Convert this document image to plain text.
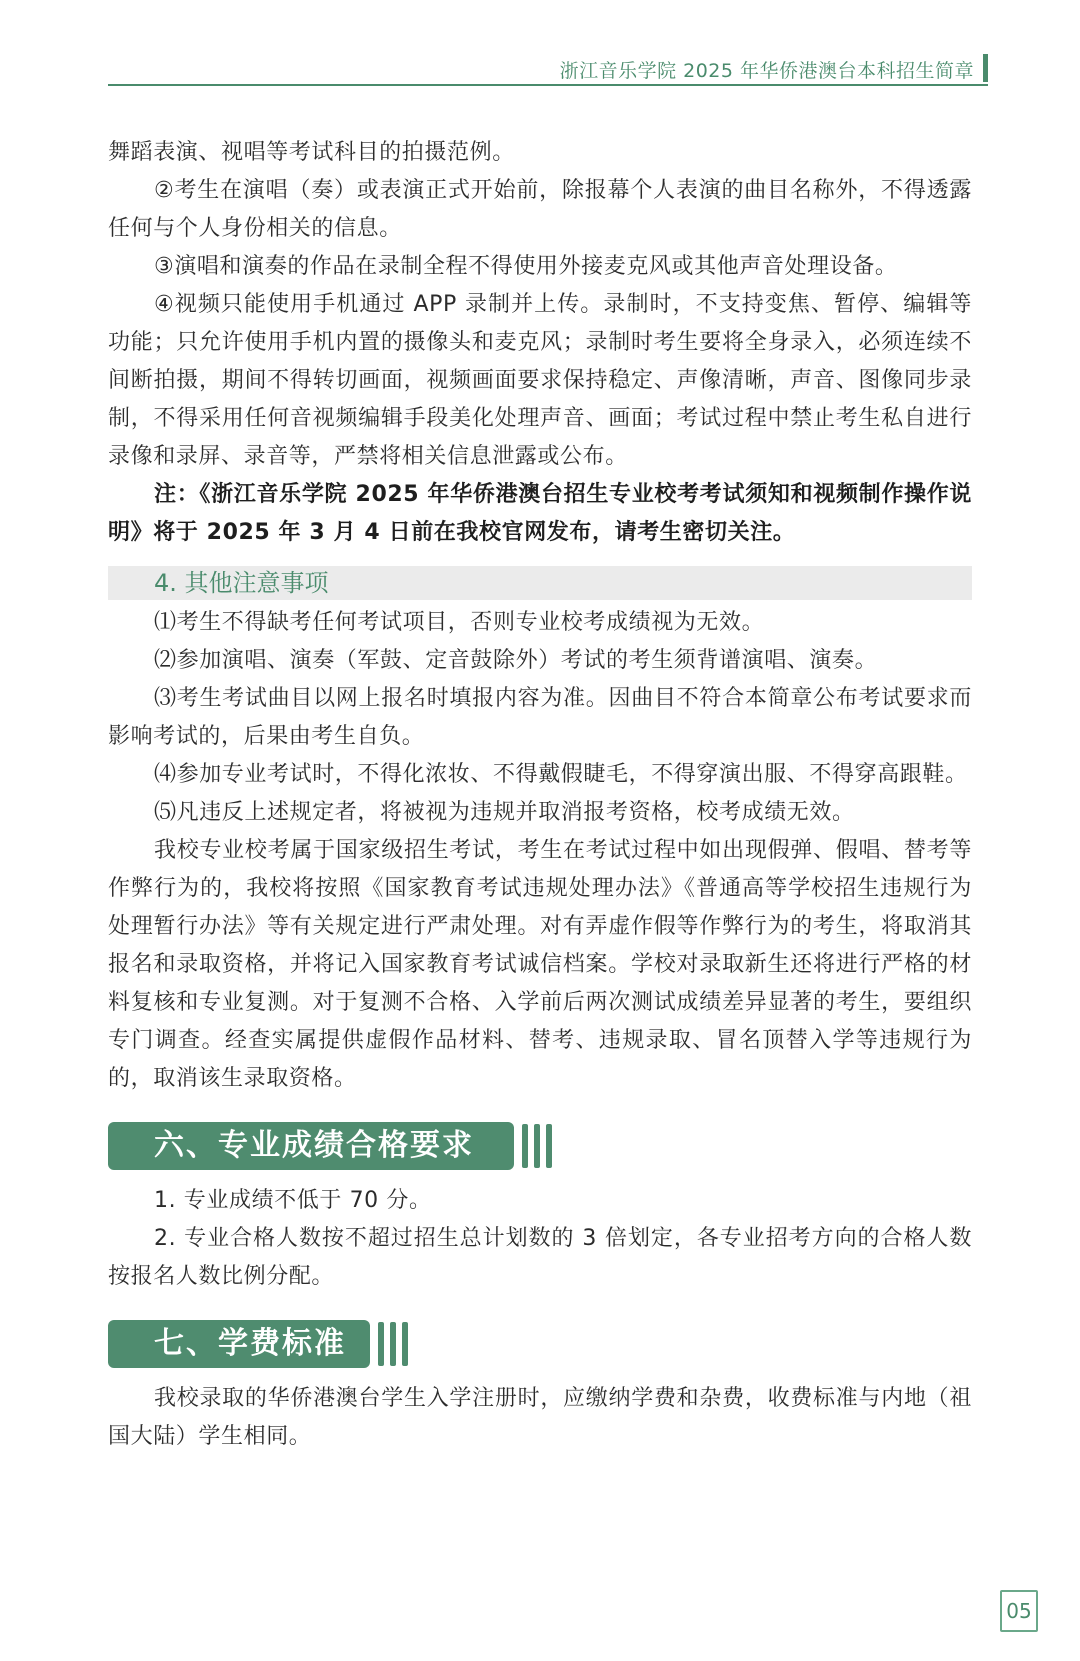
浙江音乐学院 2025 年华侨港澳台本科招生简章

舞蹈表演、视唱等考试科目的拍摄范例。

②考生在演唱（奏）或表演正式开始前，除报幕个人表演的曲目名称外，不得透露任何与个人身份相关的信息。

③演唱和演奏的作品在录制全程不得使用外接麦克风或其他声音处理设备。

④视频只能使用手机通过 APP 录制并上传。录制时，不支持变焦、暂停、编辑等功能；只允许使用手机内置的摄像头和麦克风；录制时考生要将全身录入，必须连续不间断拍摄，期间不得转切画面，视频画面要求保持稳定、声像清晰，声音、图像同步录制，不得采用任何音视频编辑手段美化处理声音、画面；考试过程中禁止考生私自进行录像和录屏、录音等，严禁将相关信息泄露或公布。

注：《浙江音乐学院 2025 年华侨港澳台招生专业校考考试须知和视频制作操作说明》将于 2025 年 3 月 4 日前在我校官网发布，请考生密切关注。

4. 其他注意事项

⑴考生不得缺考任何考试项目，否则专业校考成绩视为无效。

⑵参加演唱、演奏（军鼓、定音鼓除外）考试的考生须背谱演唱、演奏。

⑶考生考试曲目以网上报名时填报内容为准。因曲目不符合本简章公布考试要求而影响考试的，后果由考生自负。

⑷参加专业考试时，不得化浓妆、不得戴假睫毛，不得穿演出服、不得穿高跟鞋。

⑸凡违反上述规定者，将被视为违规并取消报考资格，校考成绩无效。

我校专业校考属于国家级招生考试，考生在考试过程中如出现假弹、假唱、替考等作弊行为的，我校将按照《国家教育考试违规处理办法》《普通高等学校招生违规行为处理暂行办法》等有关规定进行严肃处理。对有弄虚作假等作弊行为的考生，将取消其报名和录取资格，并将记入国家教育考试诚信档案。学校对录取新生还将进行严格的材料复核和专业复测。对于复测不合格、入学前后两次测试成绩差异显著的考生，要组织专门调查。经查实属提供虚假作品材料、替考、违规录取、冒名顶替入学等违规行为的，取消该生录取资格。

六、专业成绩合格要求

1. 专业成绩不低于 70 分。

2. 专业合格人数按不超过招生总计划数的 3 倍划定，各专业招考方向的合格人数按报名人数比例分配。

七、学费标准

我校录取的华侨港澳台学生入学注册时，应缴纳学费和杂费，收费标准与内地（祖国大陆）学生相同。

05
